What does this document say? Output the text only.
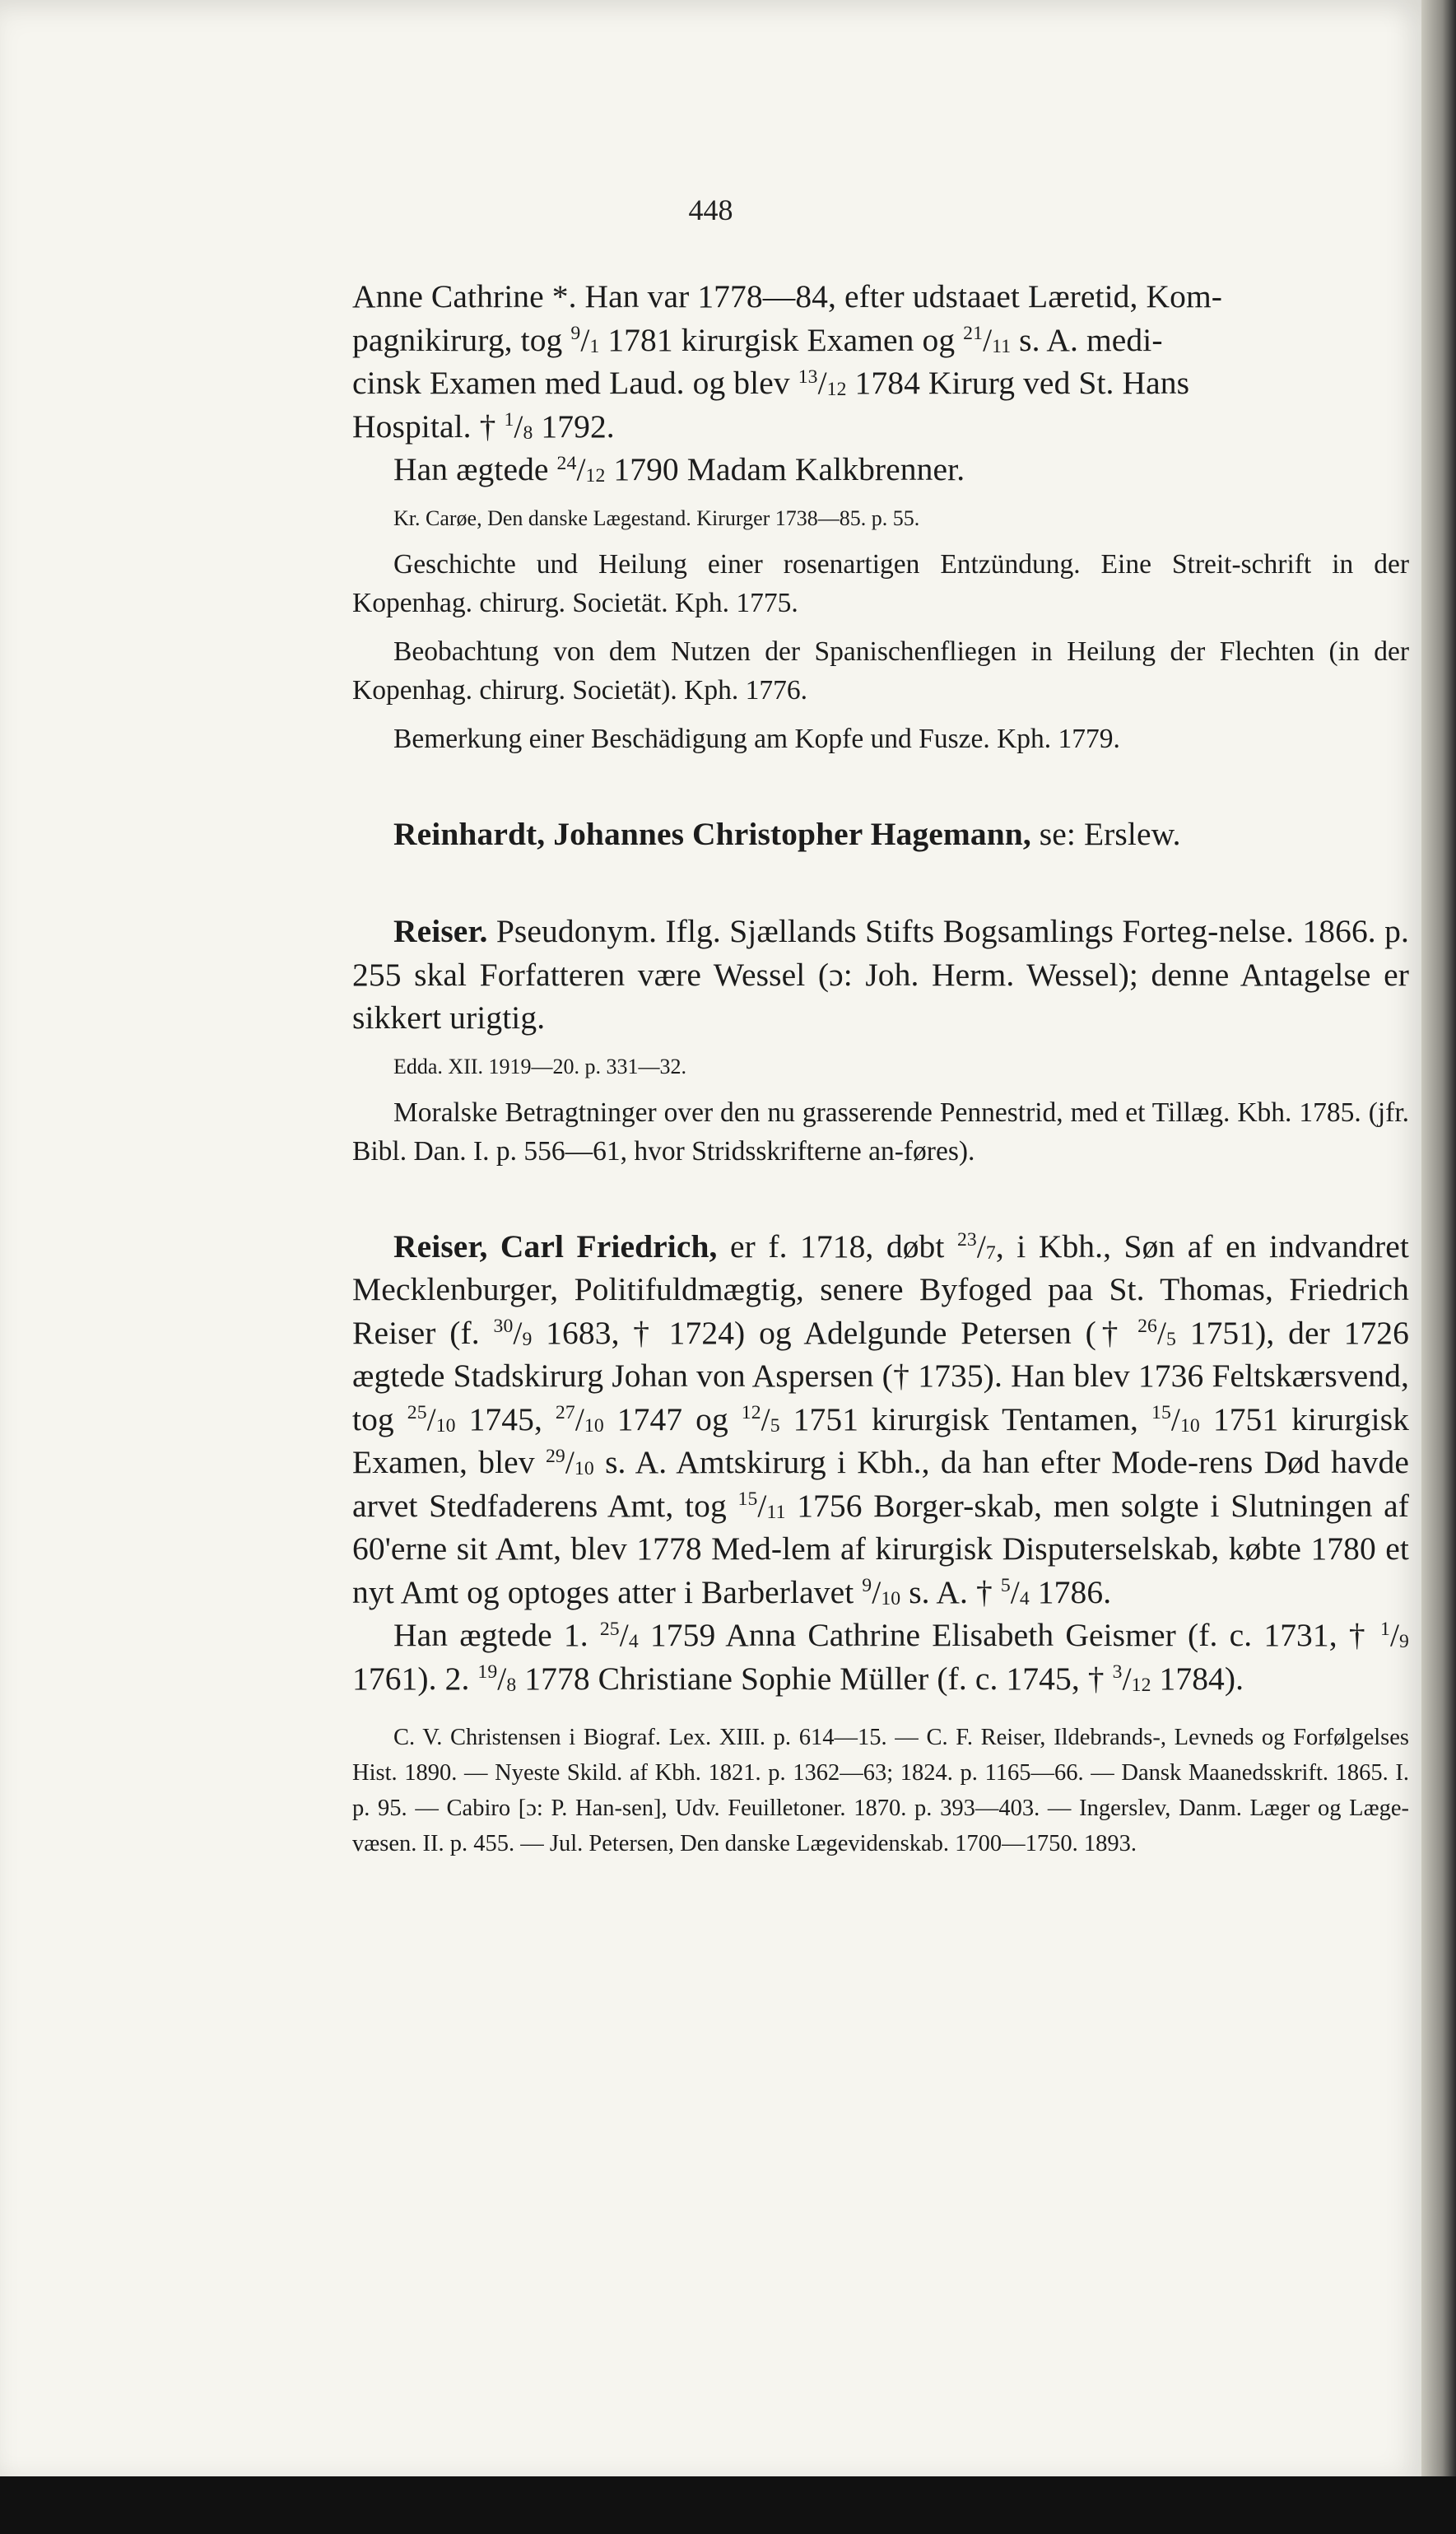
448

Anne Cathrine *. Han var 1778—84, efter udstaaet Læretid, Kom-
pagnikirurg, tog $^9/_1$ 1781 kirurgisk Examen og $^{21}/_{11}$ s. A. medi-
cinsk Examen med Laud. og blev $^{13}/_{12}$ 1784 Kirurg ved St. Hans
Hospital. † $^1/_8$ 1792.

Han ægtede $^{24}/_{12}$ 1790 Madam Kalkbrenner.

Kr. Carøe, Den danske Lægestand. Kirurger 1738—85. p. 55.

Geschichte und Heilung einer rosenartigen Entzündung. Eine Streit-schrift in der Kopenhag. chirurg. Societät. Kph. 1775.

Beobachtung von dem Nutzen der Spanischenfliegen in Heilung der Flechten (in der Kopenhag. chirurg. Societät). Kph. 1776.

Bemerkung einer Beschädigung am Kopfe und Fusze. Kph. 1779.

Reinhardt, Johannes Christopher Hagemann, se: Erslew.

Reiser. Pseudonym. Iflg. Sjællands Stifts Bogsamlings Forteg-nelse. 1866. p. 255 skal Forfatteren være Wessel (ɔ: Joh. Herm. Wessel); denne Antagelse er sikkert urigtig.

Edda. XII. 1919—20. p. 331—32.

Moralske Betragtninger over den nu grasserende Pennestrid, med et Tillæg. Kbh. 1785. (jfr. Bibl. Dan. I. p. 556—61, hvor Stridsskrifterne an-føres).

Reiser, Carl Friedrich, er f. 1718, døbt $^{23}/_7$, i Kbh., Søn af en indvandret Mecklenburger, Politifuldmægtig, senere Byfoged paa St. Thomas, Friedrich Reiser (f. $^{30}/_9$ 1683, † 1724) og Adelgunde Petersen († $^{26}/_5$ 1751), der 1726 ægtede Stadskirurg Johan von Aspersen († 1735). Han blev 1736 Feltskærsvend, tog $^{25}/_{10}$ 1745, $^{27}/_{10}$ 1747 og $^{12}/_5$ 1751 kirurgisk Tentamen, $^{15}/_{10}$ 1751 kirurgisk Examen, blev $^{29}/_{10}$ s. A. Amtskirurg i Kbh., da han efter Mode-rens Død havde arvet Stedfaderens Amt, tog $^{15}/_{11}$ 1756 Borger-skab, men solgte i Slutningen af 60'erne sit Amt, blev 1778 Med-lem af kirurgisk Disputerselskab, købte 1780 et nyt Amt og optoges atter i Barberlavet $^9/_{10}$ s. A. † $^5/_4$ 1786.

Han ægtede 1. $^{25}/_4$ 1759 Anna Cathrine Elisabeth Geismer (f. c. 1731, † $^1/_9$ 1761). 2. $^{19}/_8$ 1778 Christiane Sophie Müller (f. c. 1745, † $^3/_{12}$ 1784).

C. V. Christensen i Biograf. Lex. XIII. p. 614—15. — C. F. Reiser, Ildebrands-, Levneds og Forfølgelses Hist. 1890. — Nyeste Skild. af Kbh. 1821. p. 1362—63; 1824. p. 1165—66. — Dansk Maanedsskrift. 1865. I. p. 95. — Cabiro [ɔ: P. Han-sen], Udv. Feuilletoner. 1870. p. 393—403. — Ingerslev, Danm. Læger og Læge-væsen. II. p. 455. — Jul. Petersen, Den danske Lægevidenskab. 1700—1750. 1893.
